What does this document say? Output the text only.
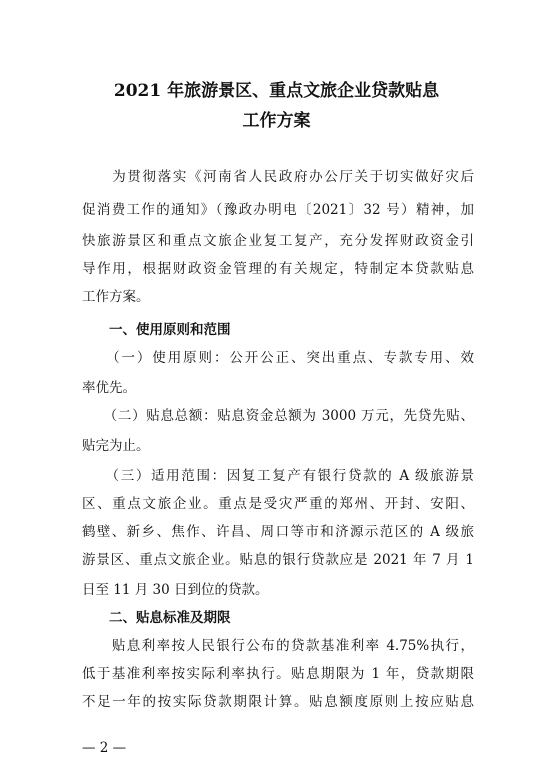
2021 年旅游景区、重点文旅企业贷款贴息
工作方案
　　为贯彻落实《河南省人民政府办公厅关于切实做好灾后
促消费工作的通知》（豫政办明电〔2021〕32 号）精神，加
快旅游景区和重点文旅企业复工复产，充分发挥财政资金引
导作用，根据财政资金管理的有关规定，特制定本贷款贴息
工作方案。
　　一、使用原则和范围
　　（一）使用原则：公开公正、突出重点、专款专用、效
率优先。
　　（二）贴息总额：贴息资金总额为 3000 万元，先贷先贴、
贴完为止。
　　（三）适用范围：因复工复产有银行贷款的 A 级旅游景
区、重点文旅企业。重点是受灾严重的郑州、开封、安阳、
鹤壁、新乡、焦作、许昌、周口等市和济源示范区的 A 级旅
游景区、重点文旅企业。贴息的银行贷款应是 2021 年 7 月 1
日至 11 月 30 日到位的贷款。
　　二、贴息标准及期限
　　贴息利率按人民银行公布的贷款基准利率 4.75%执行，
低于基准利率按实际利率执行。贴息期限为 1 年，贷款期限
不足一年的按实际贷款期限计算。贴息额度原则上按应贴息
— 2 —
